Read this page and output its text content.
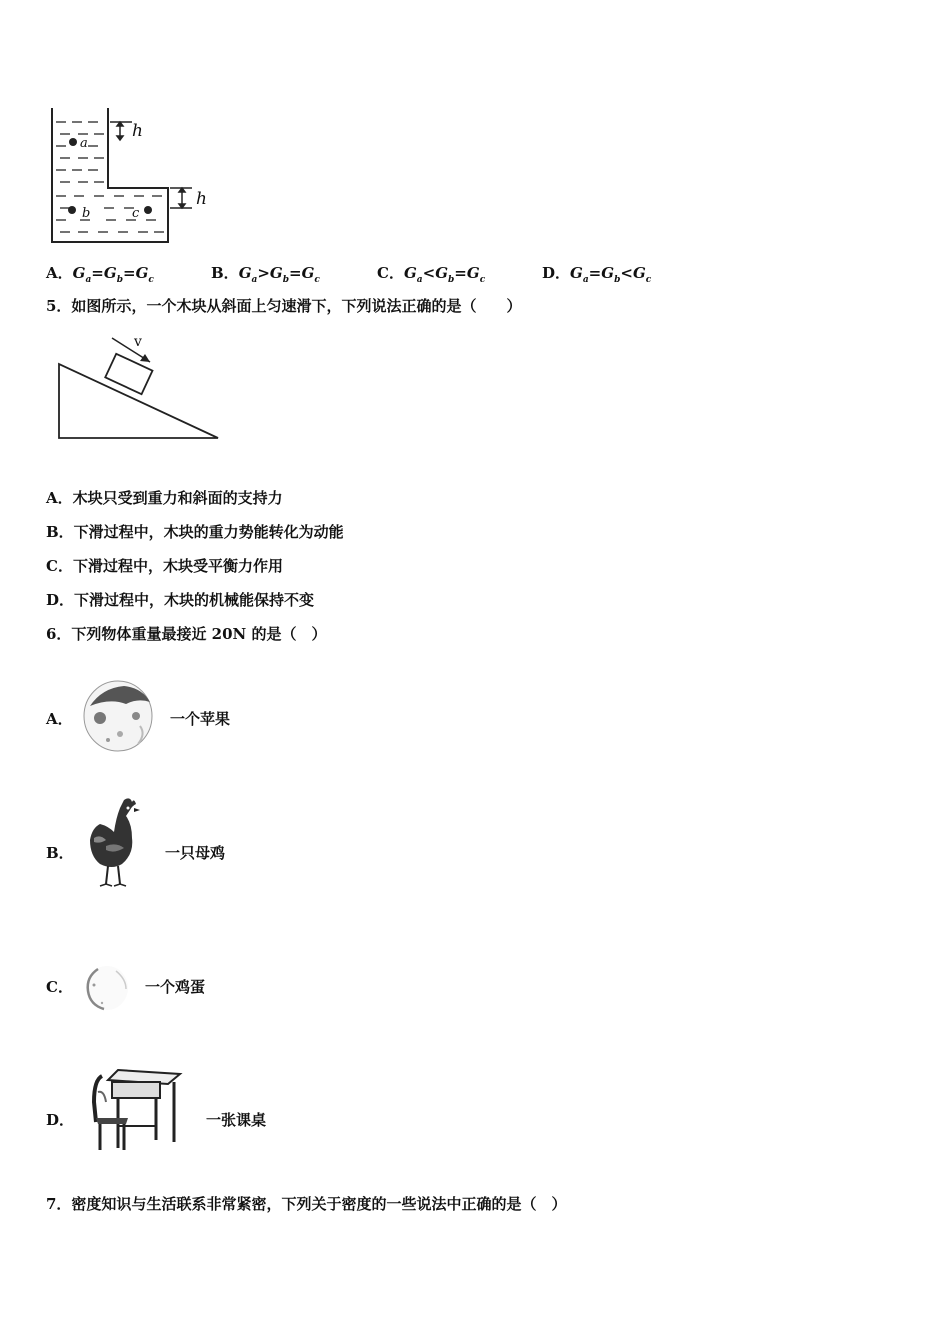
h
h
a
b	c
A．$G_a=G_b=G_c$	B．$G_a>G_b=G_c$	C．$G_a<G_b=G_c$	D．$G_a=G_b<G_c$
5．如图所示，一个木块从斜面上匀速滑下，下列说法正确的是（　　）
v
A．木块只受到重力和斜面的支持力
B．下滑过程中，木块的重力势能转化为动能
C．下滑过程中，木块受平衡力作用
D．下滑过程中，木块的机械能保持不变
6．下列物体重量最接近 20N 的是（　）
A．	一个苹果
B．	一只母鸡
C．	一个鸡蛋
D．	一张课桌
7．密度知识与生活联系非常紧密，下列关于密度的一些说法中正确的是（　）
